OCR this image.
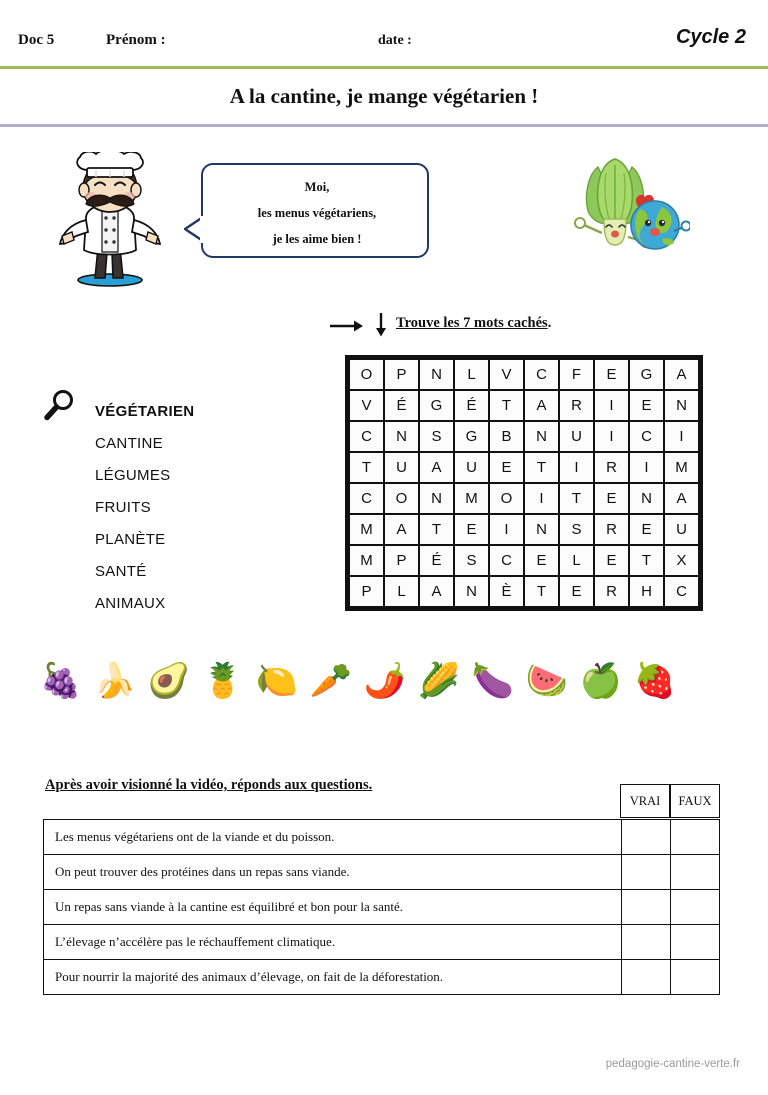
Doc 5	Prénom :	date :	Cycle 2
A la cantine, je mange végétarien !
Moi,
les menus végétariens,
je les aime bien !
Trouve les 7 mots cachés.
VÉGÉTARIEN
CANTINE
LÉGUMES
FRUITS
PLANÈTE
SANTÉ
ANIMAUX
O	P	N	L	V	C	F	E	G	A
V	É	G	É	T	A	R	I	E	N
C	N	S	G	B	N	U	I	C	I
T	U	A	U	E	T	I	R	I	M
C	O	N	M	O	I	T	E	N	A
M	A	T	E	I	N	S	R	E	U
M	P	É	S	C	E	L	E	T	X
P	L	A	N	È	T	E	R	H	C
🍇 🍌 🥑 🍍 🍋 🥕 🌶️ 🌽 🍆 🍉 🍏 🍓
Après avoir visionné la vidéo, réponds aux questions.
VRAI	FAUX
Les menus végétariens ont de la viande et du poisson.		
On peut trouver des protéines dans un repas sans viande.		
Un repas sans viande à la cantine est équilibré et bon pour la santé.		
L’élevage n’accélère pas le réchauffement climatique.		
Pour nourrir la majorité des animaux d’élevage, on fait de la déforestation.		
pedagogie-cantine-verte.fr
